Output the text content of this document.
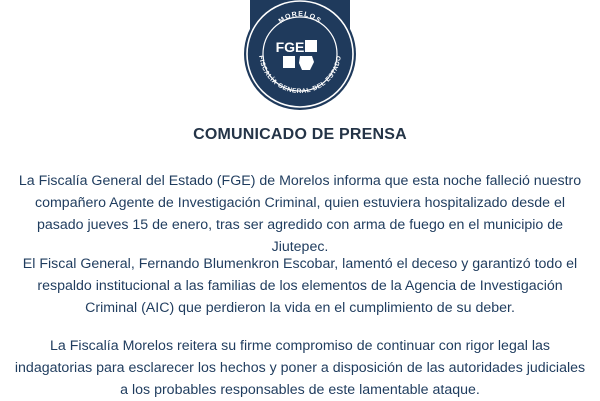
MORELOS
FISCALÍA GENERAL DEL ESTADO
FGE
COMUNICADO DE PRENSA
La Fiscalía General del Estado (FGE) de Morelos informa que esta noche falleció nuestro compañero Agente de Investigación Criminal, quien estuviera hospitalizado desde el pasado jueves 15 de enero, tras ser agredido con arma de fuego en el municipio de Jiutepec.
El Fiscal General, Fernando Blumenkron Escobar, lamentó el deceso y garantizó todo el respaldo institucional a las familias de los elementos de la Agencia de Investigación Criminal (AIC) que perdieron la vida en el cumplimiento de su deber.
La Fiscalía Morelos reitera su firme compromiso de continuar con rigor legal las indagatorias para esclarecer los hechos y poner a disposición de las autoridades judiciales a los probables responsables de este lamentable ataque.
